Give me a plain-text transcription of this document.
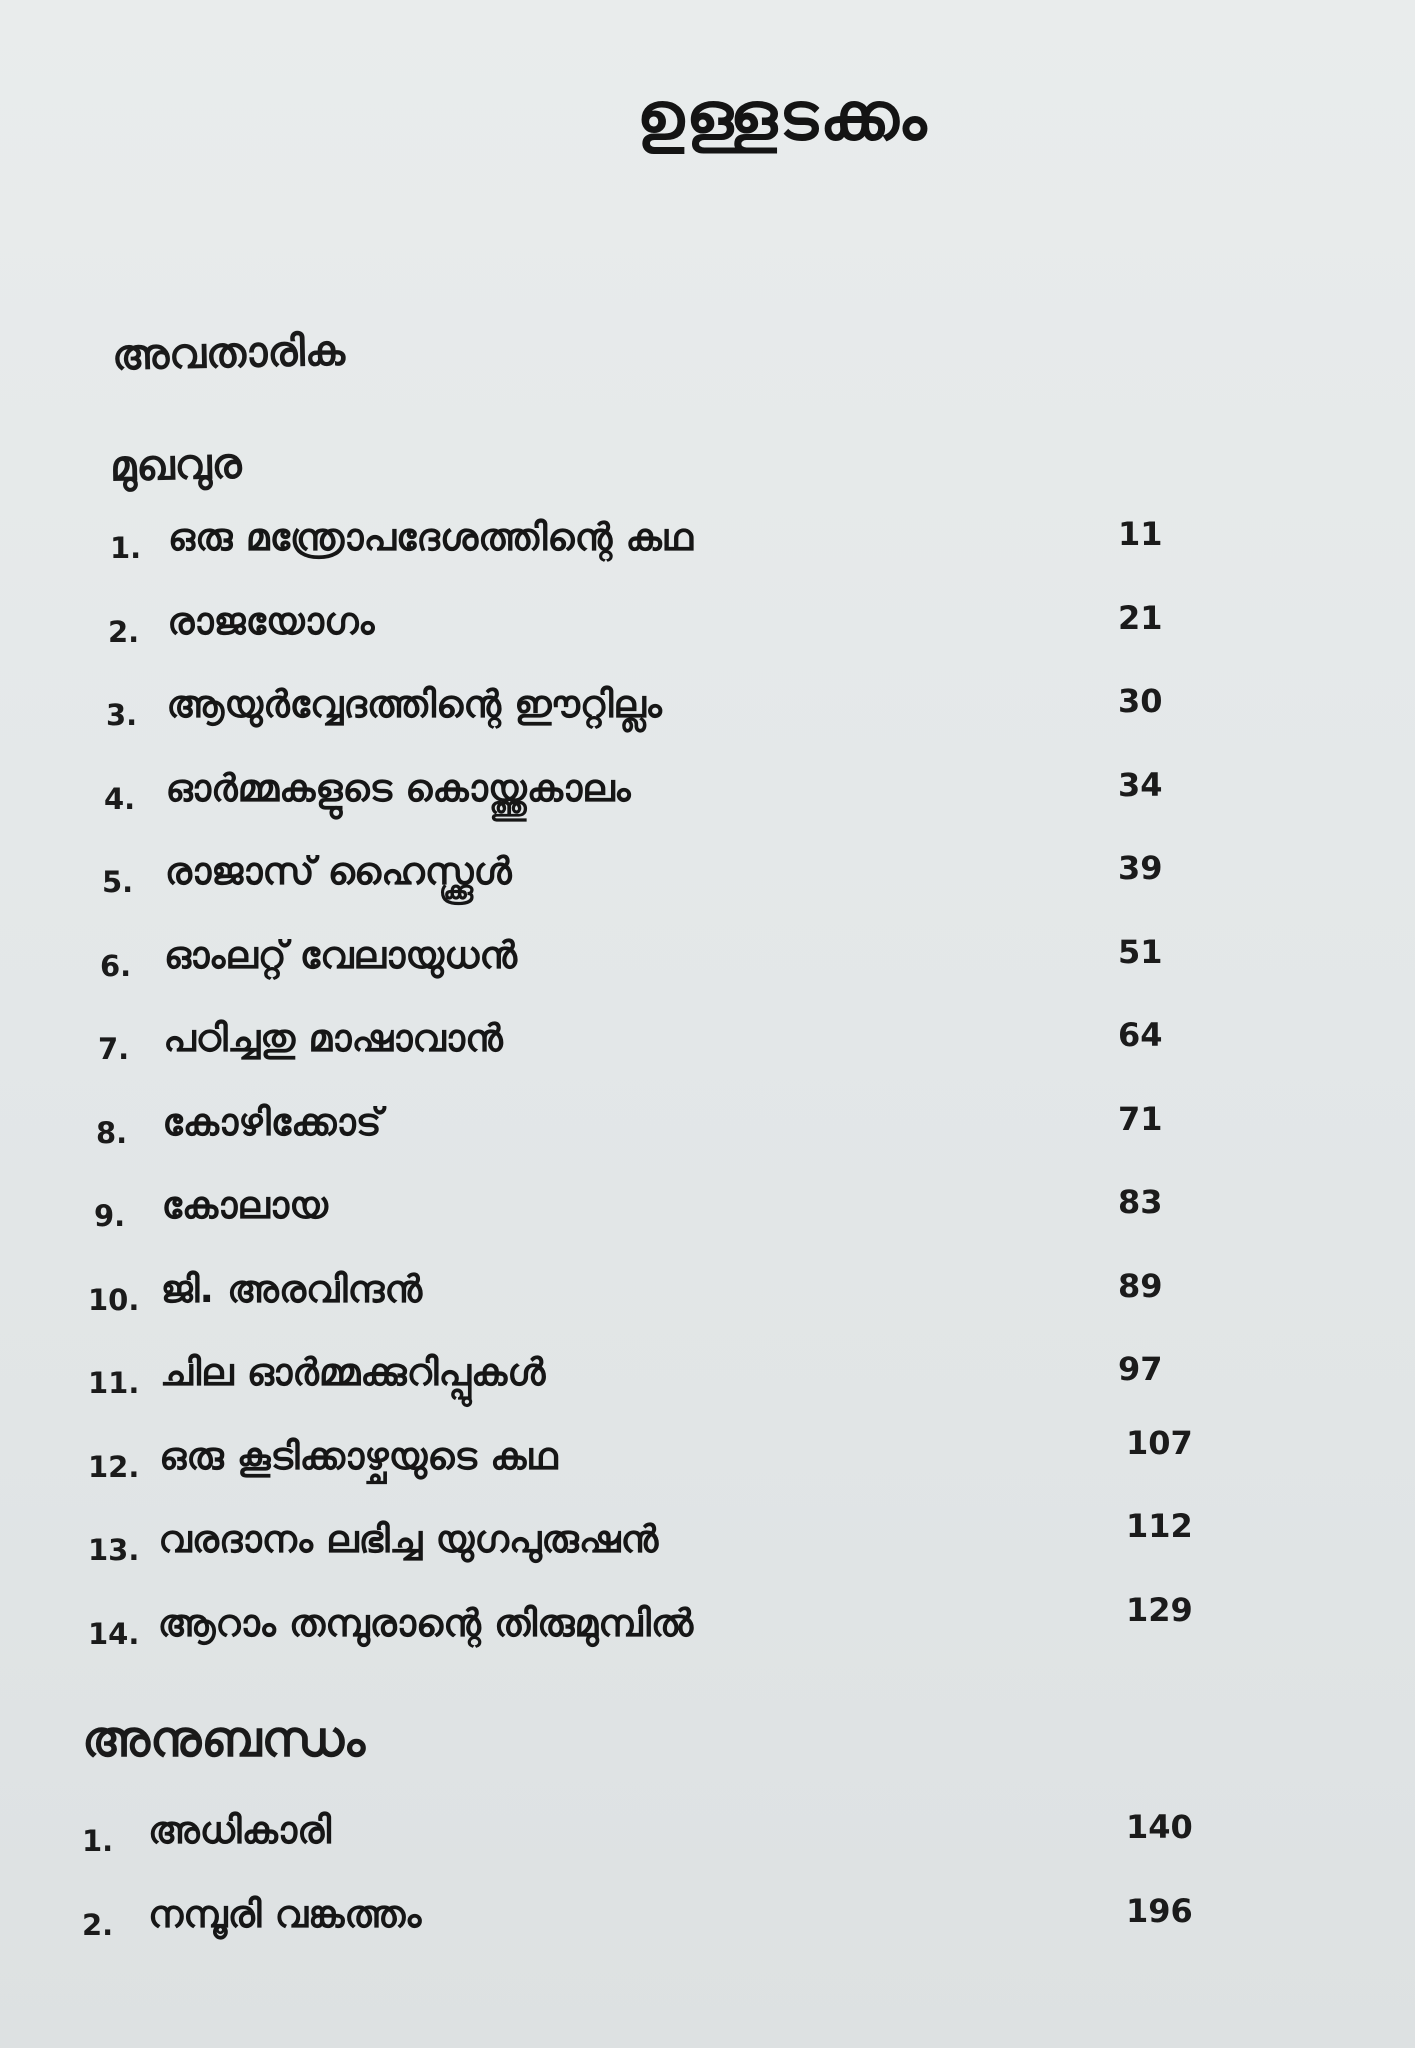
ഉള്ളടക്കം
അവതാരിക
മുഖവുര
1. ഒരു മന്ത്രോപദേശത്തിന്റെ കഥ	11
2. രാജയോഗം	21
3. ആയുർവ്വേദത്തിന്റെ ഈറ്റില്ലം	30
4. ഓർമ്മകളുടെ കൊയ്ത്തുകാലം	34
5. രാജാസ് ഹൈസ്ക്കൂൾ	39
6. ഓംലറ്റ് വേലായുധൻ	51
7. പഠിച്ചതു മാഷാവാൻ	64
8. കോഴിക്കോട്	71
9. കോലായ	83
10. ജി. അരവിന്ദൻ	89
11. ചില ഓർമ്മക്കുറിപ്പുകൾ	97
12. ഒരു കൂടിക്കാഴ്ചയുടെ കഥ	107
13. വരദാനം ലഭിച്ച യുഗപുരുഷൻ	112
14. ആറാം തമ്പുരാന്റെ തിരുമുമ്പിൽ	129
അനുബന്ധം
1. അധികാരി	140
2. നമ്പൂരി വങ്കത്തം	196
